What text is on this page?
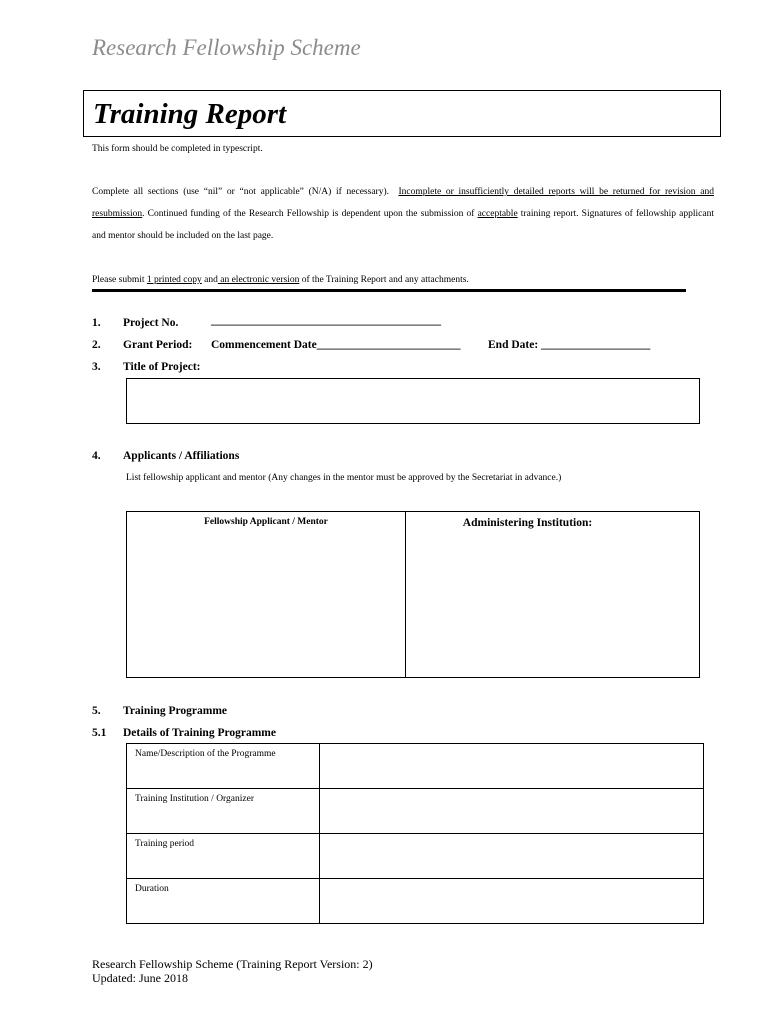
Research Fellowship Scheme
Training Report
This form should be completed in typescript.
Complete all sections (use “nil” or “not applicable” (N/A) if necessary). Incomplete or insufficiently detailed reports will be returned for revision and resubmission. Continued funding of the Research Fellowship is dependent upon the submission of acceptable training report. Signatures of fellowship applicant and mentor should be included on the last page.
Please submit 1 printed copy and an electronic version of the Training Report and any attachments.
1. Project No.	________________________________________
2. Grant Period: Commencement Date_________________________ End Date: ___________________
3. Title of Project:
4. Applicants / Affiliations
List fellowship applicant and mentor (Any changes in the mentor must be approved by the Secretariat in advance.)
Fellowship Applicant / Mentor	Administering Institution:
5. Training Programme
5.1 Details of Training Programme
Name/Description of the Programme	
Training Institution / Organizer	
Training period	
Duration	
Research Fellowship Scheme (Training Report Version: 2)
Updated: June 2018
